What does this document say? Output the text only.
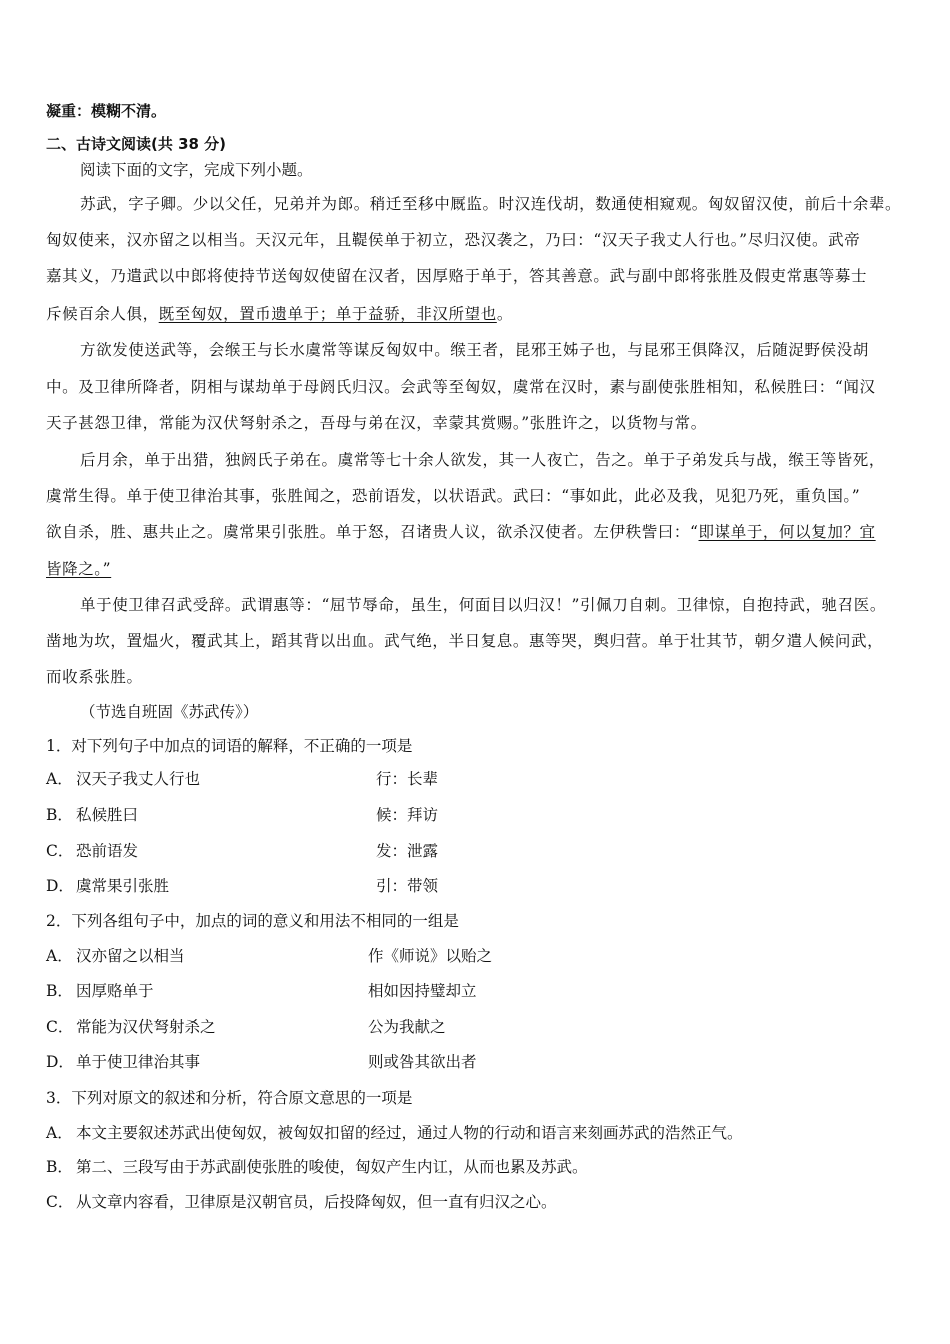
凝重：模糊不清。
二、古诗文阅读(共 38 分)
阅读下面的文字，完成下列小题。
苏武，字子卿。少以父任，兄弟并为郎。稍迁至移中厩监。时汉连伐胡，数通使相窥观。匈奴留汉使，前后十余辈。
匈奴使来，汉亦留之以相当。天汉元年，且鞮侯单于初立，恐汉袭之，乃曰：“汉天子我丈人行也。”尽归汉使。武帝
嘉其义，乃遣武以中郎将使持节送匈奴使留在汉者，因厚赂于单于，答其善意。武与副中郎将张胜及假吏常惠等募士
斥候百余人俱，既至匈奴，置币遗单于；单于益骄，非汉所望也。
方欲发使送武等，会缑王与长水虞常等谋反匈奴中。缑王者，昆邪王姊子也，与昆邪王俱降汉，后随浞野侯没胡
中。及卫律所降者，阴相与谋劫单于母阏氏归汉。会武等至匈奴，虞常在汉时，素与副使张胜相知，私候胜曰：“闻汉
天子甚怨卫律，常能为汉伏弩射杀之，吾母与弟在汉，幸蒙其赏赐。”张胜许之，以货物与常。
后月余，单于出猎，独阏氏子弟在。虞常等七十余人欲发，其一人夜亡，告之。单于子弟发兵与战，缑王等皆死，
虞常生得。单于使卫律治其事，张胜闻之，恐前语发，以状语武。武曰：“事如此，此必及我，见犯乃死，重负国。”
欲自杀，胜、惠共止之。虞常果引张胜。单于怒，召诸贵人议，欲杀汉使者。左伊秩訾曰：“即谋单于，何以复加？宜
皆降之。”
单于使卫律召武受辞。武谓惠等：“屈节辱命，虽生，何面目以归汉！”引佩刀自刺。卫律惊，自抱持武，驰召医。
凿地为坎，置煴火，覆武其上，蹈其背以出血。武气绝，半日复息。惠等哭，舆归营。单于壮其节，朝夕遣人候问武，
而收系张胜。
（节选自班固《苏武传》）
1．对下列句子中加点的词语的解释，不正确的一项是
A． 汉天子我丈人行也	行：长辈
B． 私候胜曰	候：拜访
C． 恐前语发	发：泄露
D． 虞常果引张胜	引：带领
2．下列各组句子中，加点的词的意义和用法不相同的一组是
A． 汉亦留之以相当	作《师说》以贻之
B． 因厚赂单于	相如因持璧却立
C． 常能为汉伏弩射杀之	公为我献之
D． 单于使卫律治其事	则或咎其欲出者
3．下列对原文的叙述和分析，符合原文意思的一项是
A． 本文主要叙述苏武出使匈奴，被匈奴扣留的经过，通过人物的行动和语言来刻画苏武的浩然正气。
B． 第二、三段写由于苏武副使张胜的唆使，匈奴产生内讧，从而也累及苏武。
C． 从文章内容看，卫律原是汉朝官员，后投降匈奴，但一直有归汉之心。
